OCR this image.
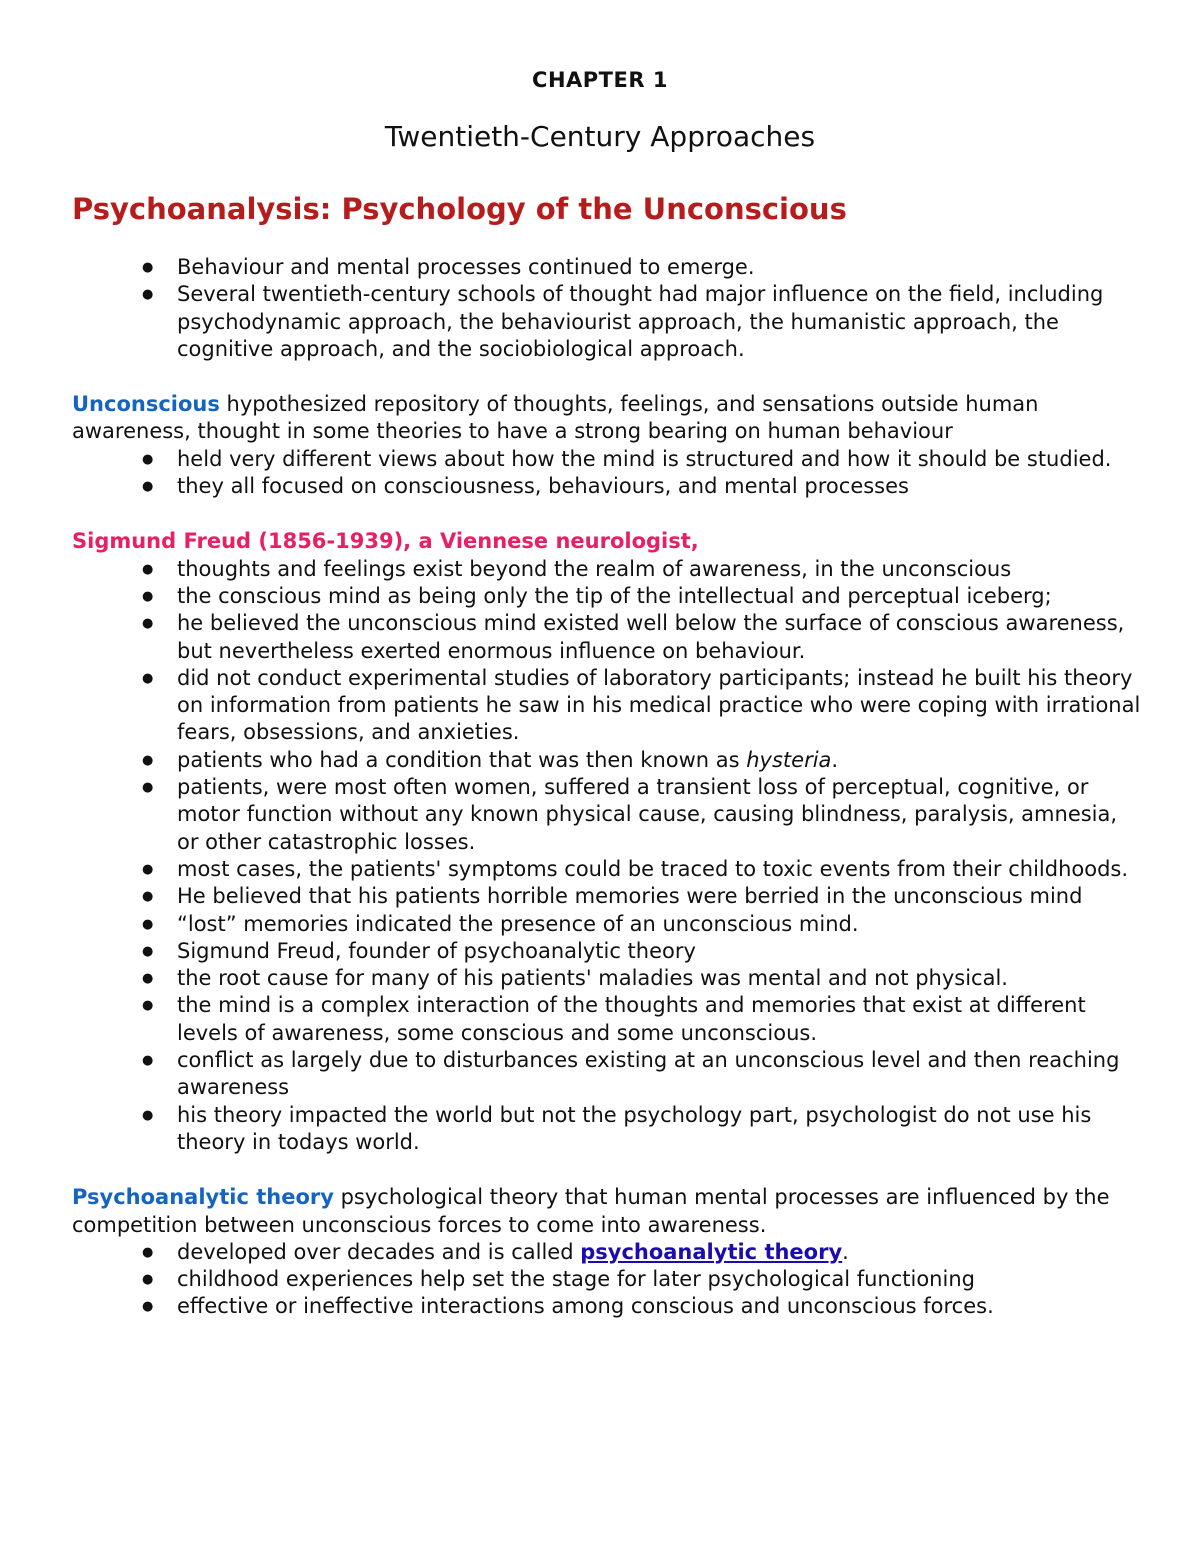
CHAPTER 1
Twentieth-Century Approaches
Psychoanalysis: Psychology of the Unconscious
● Behaviour and mental processes continued to emerge.
● Several twentieth-century schools of thought had major influence on the field, including psychodynamic approach, the behaviourist approach, the humanistic approach, the cognitive approach, and the sociobiological approach.

Unconscious hypothesized repository of thoughts, feelings, and sensations outside human awareness, thought in some theories to have a strong bearing on human behaviour

● held very different views about how the mind is structured and how it should be studied.
● they all focused on consciousness, behaviours, and mental processes

Sigmund Freud (1856-1939), a Viennese neurologist,

● thoughts and feelings exist beyond the realm of awareness, in the unconscious
● the conscious mind as being only the tip of the intellectual and perceptual iceberg;
● he believed the unconscious mind existed well below the surface of conscious awareness, but nevertheless exerted enormous influence on behaviour.
● did not conduct experimental studies of laboratory participants; instead he built his theory on information from patients he saw in his medical practice who were coping with irrational fears, obsessions, and anxieties.
● patients who had a condition that was then known as hysteria.
● patients, were most often women, suffered a transient loss of perceptual, cognitive, or motor function without any known physical cause, causing blindness, paralysis, amnesia, or other catastrophic losses.
● most cases, the patients' symptoms could be traced to toxic events from their childhoods.
● He believed that his patients horrible memories were berried in the unconscious mind
● “lost” memories indicated the presence of an unconscious mind.
● Sigmund Freud, founder of psychoanalytic theory
● the root cause for many of his patients' maladies was mental and not physical.
● the mind is a complex interaction of the thoughts and memories that exist at different levels of awareness, some conscious and some unconscious.
● conflict as largely due to disturbances existing at an unconscious level and then reaching awareness
● his theory impacted the world but not the psychology part, psychologist do not use his theory in todays world.

Psychoanalytic theory psychological theory that human mental processes are influenced by the competition between unconscious forces to come into awareness.

● developed over decades and is called psychoanalytic theory.
● childhood experiences help set the stage for later psychological functioning
● effective or ineffective interactions among conscious and unconscious forces.
